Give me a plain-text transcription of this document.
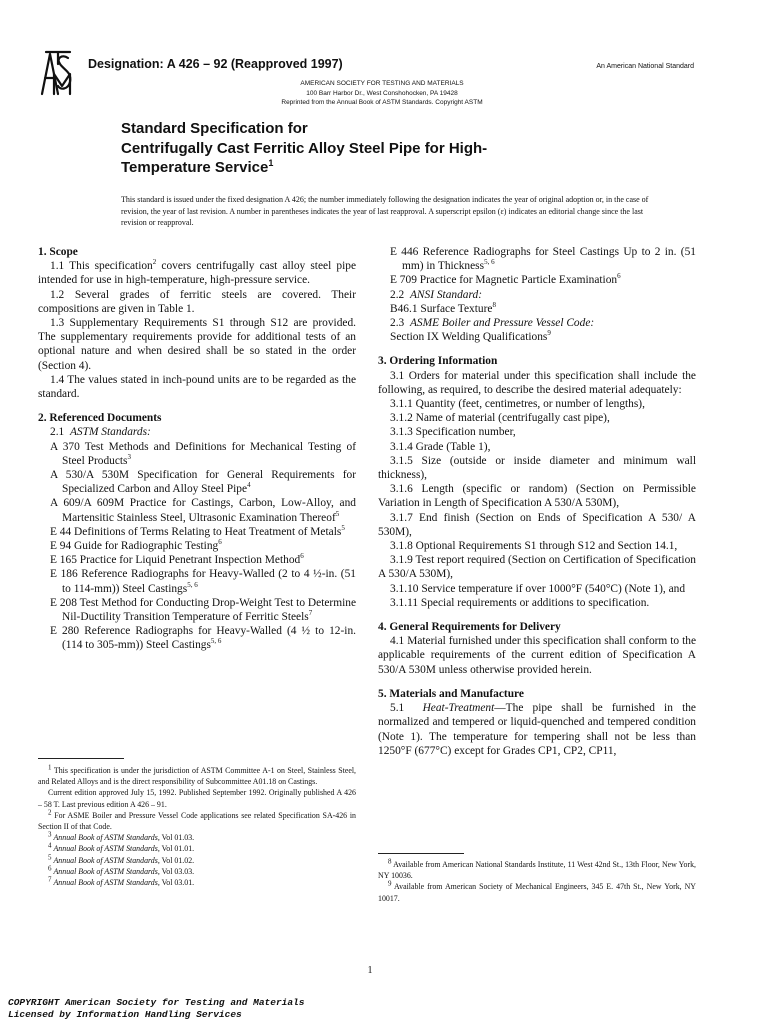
Designation: A 426 – 92 (Reapproved 1997)	An American National Standard
AMERICAN SOCIETY FOR TESTING AND MATERIALS
100 Barr Harbor Dr., West Conshohocken, PA 19428
Reprinted from the Annual Book of ASTM Standards. Copyright ASTM
Standard Specification for
Centrifugally Cast Ferritic Alloy Steel Pipe for High-
Temperature Service$^1$
This standard is issued under the fixed designation A 426; the number immediately following the designation indicates the year of original adoption or, in the case of revision, the year of last revision. A number in parentheses indicates the year of last reapproval. A superscript epsilon (ε) indicates an editorial change since the last revision or reapproval.
1. Scope

1.1 This specification$^2$ covers centrifugally cast alloy steel pipe intended for use in high-temperature, high-pressure service.

1.2 Several grades of ferritic steels are covered. Their compositions are given in Table 1.

1.3 Supplementary Requirements S1 through S12 are provided. The supplementary requirements provide for additional tests of an optional nature and when desired shall be so stated in the order (Section 4).

1.4 The values stated in inch-pound units are to be regarded as the standard.

2. Referenced Documents
2.1 ASTM Standards:
A 370 Test Methods and Definitions for Mechanical Testing of Steel Products$^3$
A 530/A 530M Specification for General Requirements for Specialized Carbon and Alloy Steel Pipe$^4$
A 609/A 609M Practice for Castings, Carbon, Low-Alloy, and Martensitic Stainless Steel, Ultrasonic Examination Thereof$^5$
E 44 Definitions of Terms Relating to Heat Treatment of Metals$^5$
E 94 Guide for Radiographic Testing$^6$
E 165 Practice for Liquid Penetrant Inspection Method$^6$
E 186 Reference Radiographs for Heavy-Walled (2 to 4 ½-in. (51 to 114-mm)) Steel Castings$^{5, 6}$
E 208 Test Method for Conducting Drop-Weight Test to Determine Nil-Ductility Transition Temperature of Ferritic Steels$^7$
E 280 Reference Radiographs for Heavy-Walled (4 ½ to 12-in. (114 to 305-mm)) Steel Castings$^{5, 6}$

$^1$ This specification is under the jurisdiction of ASTM Committee A-1 on Steel, Stainless Steel, and Related Alloys and is the direct responsibility of Subcommittee A01.18 on Castings.

Current edition approved July 15, 1992. Published September 1992. Originally published A 426 – 58 T. Last previous edition A 426 – 91.

$^2$ For ASME Boiler and Pressure Vessel Code applications see related Specification SA-426 in Section II of that Code.

$^3$ Annual Book of ASTM Standards, Vol 01.03.

$^4$ Annual Book of ASTM Standards, Vol 01.01.

$^5$ Annual Book of ASTM Standards, Vol 01.02.

$^6$ Annual Book of ASTM Standards, Vol 03.03.

$^7$ Annual Book of ASTM Standards, Vol 03.01.

E 446 Reference Radiographs for Steel Castings Up to 2 in. (51 mm) in Thickness$^{5, 6}$
E 709 Practice for Magnetic Particle Examination$^6$
2.2 ANSI Standard:
B46.1 Surface Texture$^8$
2.3 ASME Boiler and Pressure Vessel Code:
Section IX Welding Qualifications$^9$
3. Ordering Information

3.1 Orders for material under this specification shall include the following, as required, to describe the desired material adequately:

3.1.1 Quantity (feet, centimetres, or number of lengths),

3.1.2 Name of material (centrifugally cast pipe),

3.1.3 Specification number,

3.1.4 Grade (Table 1),

3.1.5 Size (outside or inside diameter and minimum wall thickness),

3.1.6 Length (specific or random) (Section on Permissible Variation in Length of Specification A 530/A 530M),

3.1.7 End finish (Section on Ends of Specification A 530/ A 530M),

3.1.8 Optional Requirements S1 through S12 and Section 14.1,

3.1.9 Test report required (Section on Certification of Specification A 530/A 530M),

3.1.10 Service temperature if over 1000°F (540°C) (Note 1), and

3.1.11 Special requirements or additions to specification.

4. General Requirements for Delivery

4.1 Material furnished under this specification shall conform to the applicable requirements of the current edition of Specification A 530/A 530M unless otherwise provided herein.

5. Materials and Manufacture

5.1 Heat-Treatment—The pipe shall be furnished in the normalized and tempered or liquid-quenched and tempered condition (Note 1). The temperature for tempering shall not be less than 1250°F (677°C) except for Grades CP1, CP2, CP11,

$^8$ Available from American National Standards Institute, 11 West 42nd St., 13th Floor, New York, NY 10036.

$^9$ Available from American Society of Mechanical Engineers, 345 E. 47th St., New York, NY 10017.

1
COPYRIGHT American Society for Testing and Materials
Licensed by Information Handling Services
